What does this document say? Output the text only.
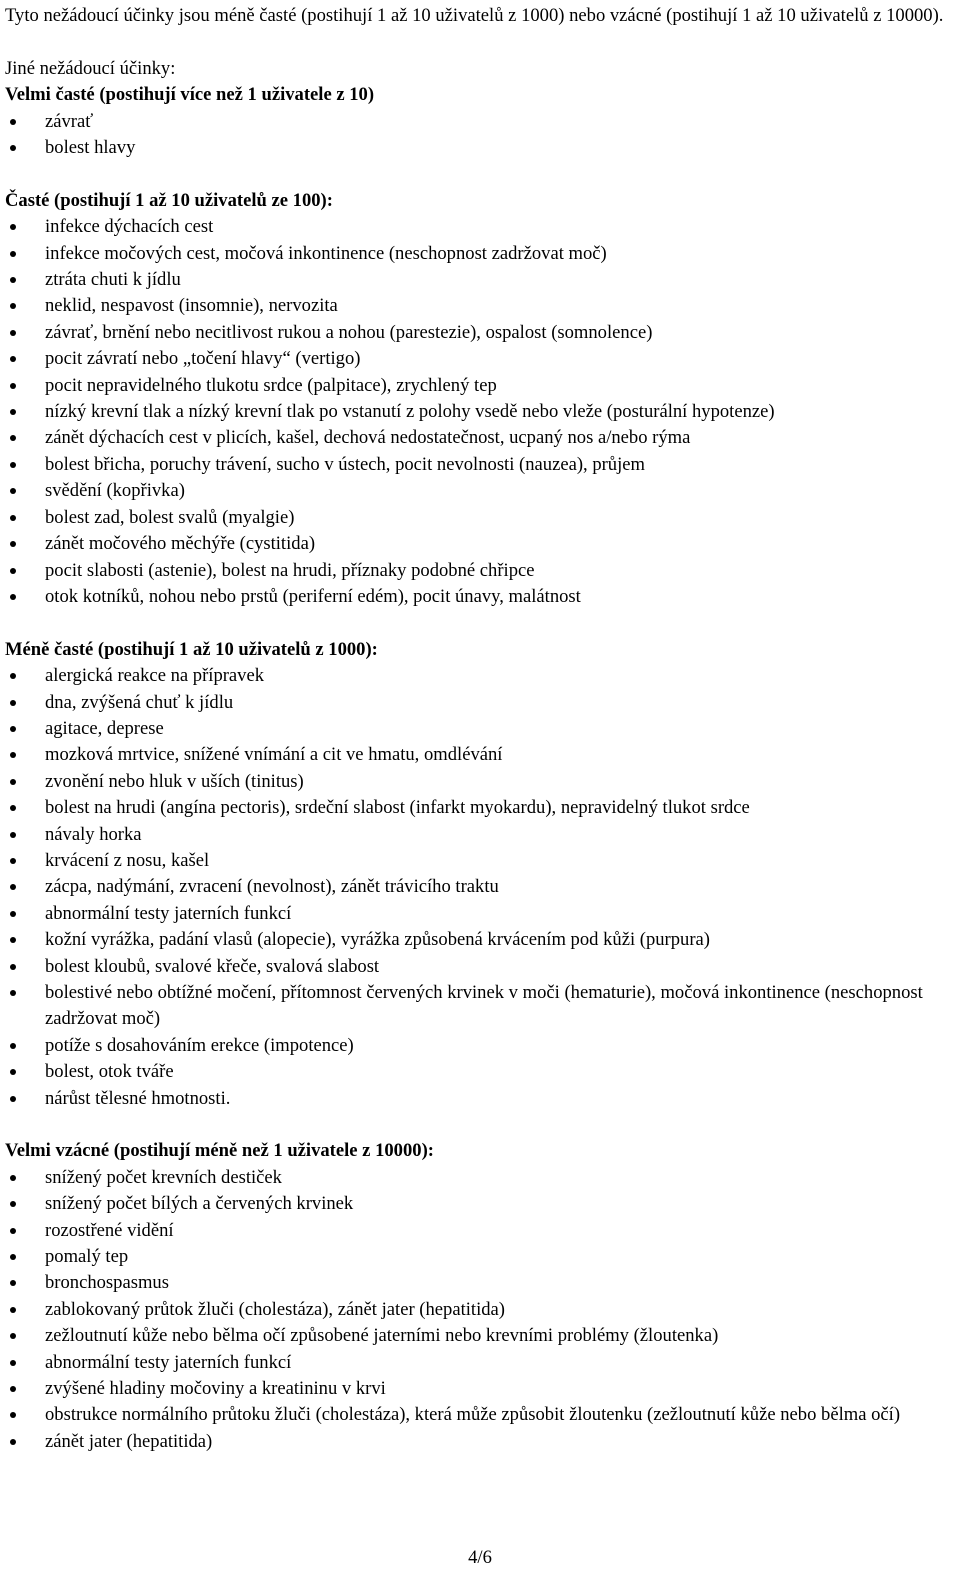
Tyto nežádoucí účinky jsou méně časté (postihují 1 až 10 uživatelů z 1000) nebo vzácné (postihují 1 až 10 uživatelů z 10000).

Jiné nežádoucí účinky:

Velmi časté (postihují více než 1 uživatele z 10)

závrať
bolest hlavy

Časté (postihují 1 až 10 uživatelů ze 100):

infekce dýchacích cest
infekce močových cest, močová inkontinence (neschopnost zadržovat moč)
ztráta chuti k jídlu
neklid, nespavost (insomnie), nervozita
závrať, brnění nebo necitlivost rukou a nohou (parestezie), ospalost (somnolence)
pocit závratí nebo „točení hlavy“ (vertigo)
pocit nepravidelného tlukotu srdce (palpitace), zrychlený tep
nízký krevní tlak a nízký krevní tlak po vstanutí z polohy vsedě nebo vleže (posturální hypotenze)
zánět dýchacích cest v plicích, kašel, dechová nedostatečnost, ucpaný nos a/nebo rýma
bolest břicha, poruchy trávení, sucho v ústech, pocit nevolnosti (nauzea), průjem
svědění (kopřivka)
bolest zad, bolest svalů (myalgie)
zánět močového měchýře (cystitida)
pocit slabosti (astenie), bolest na hrudi, příznaky podobné chřipce
otok kotníků, nohou nebo prstů (periferní edém), pocit únavy, malátnost

Méně časté (postihují 1 až 10 uživatelů z 1000):

alergická reakce na přípravek
dna, zvýšená chuť k jídlu
agitace, deprese
mozková mrtvice, snížené vnímání a cit ve hmatu, omdlévání
zvonění nebo hluk v uších (tinitus)
bolest na hrudi (angína pectoris), srdeční slabost (infarkt myokardu), nepravidelný tlukot srdce
návaly horka
krvácení z nosu, kašel
zácpa, nadýmání, zvracení (nevolnost), zánět trávicího traktu
abnormální testy jaterních funkcí
kožní vyrážka, padání vlasů (alopecie), vyrážka způsobená krvácením pod kůži (purpura)
bolest kloubů, svalové křeče, svalová slabost
bolestivé nebo obtížné močení, přítomnost červených krvinek v moči (hematurie), močová inkontinence (neschopnost zadržovat moč)
potíže s dosahováním erekce (impotence)
bolest, otok tváře
nárůst tělesné hmotnosti.

Velmi vzácné (postihují méně než 1 uživatele z 10000):

snížený počet krevních destiček
snížený počet bílých a červených krvinek
rozostřené vidění
pomalý tep
bronchospasmus
zablokovaný průtok žluči (cholestáza), zánět jater (hepatitida)
zežloutnutí kůže nebo bělma očí způsobené jaterními nebo krevními problémy (žloutenka)
abnormální testy jaterních funkcí
zvýšené hladiny močoviny a kreatininu v krvi
obstrukce normálního průtoku žluči (cholestáza), která může způsobit žloutenku (zežloutnutí kůže nebo bělma očí)
zánět jater (hepatitida)
4/6
